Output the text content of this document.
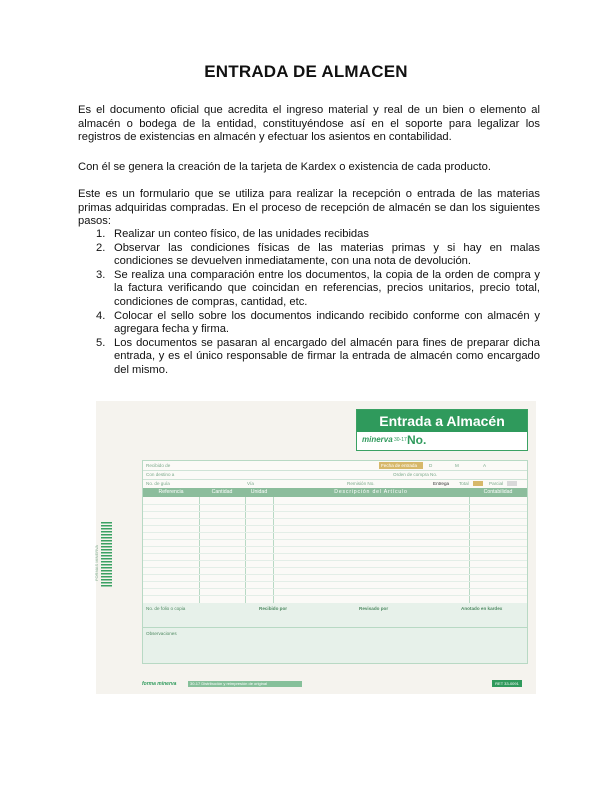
ENTRADA DE ALMACEN

Es el documento oficial que acredita el ingreso material y real de un bien o elemento al almacén o bodega de la entidad, constituyéndose así en el soporte para legalizar los registros de existencias en almacén y efectuar los asientos en contabilidad.

Con él se genera la creación de la tarjeta de Kardex o existencia de cada producto.

Este es un formulario que se utiliza para realizar la recepción o entrada de las materias primas adquiridas compradas. En el proceso de recepción de almacén se dan los siguientes pasos:

1. Realizar un conteo físico, de las unidades recibidas
2. Observar las condiciones físicas de las materias primas y si hay en malas condiciones se devuelven inmediatamente, con una nota de devolución.
3. Se realiza una comparación entre los documentos, la copia de la orden de compra y la factura verificando que coincidan en referencias, precios unitarios, precio total, condiciones de compras, cantidad, etc.
4. Colocar el sello sobre los documentos indicando recibido conforme con almacén y agregara fecha y firma.
5. Los documentos se pasaran al encargado del almacén para fines de preparar dicha entrada, y es el único responsable de firmar la entrada de almacén como encargado del mismo.
FORMAS MINERVA
Entrada a Almacén
minerva 30-17 No.
Recibido de	Fecha de entrada	D	M	A
Con destino a	Orden de compra No.
No. de guía	Vía	Remisión No.	Entrega Total	Parcial
Referencia	Cantidad	Unidad	Descripción del Artículo	Contabilidad
No. de folio o copia	Recibido por	Revisado por	Anotado en kardex
Observaciones
forma minerva	30-17 Distribución y reimpresión de original	RET 33-0091
